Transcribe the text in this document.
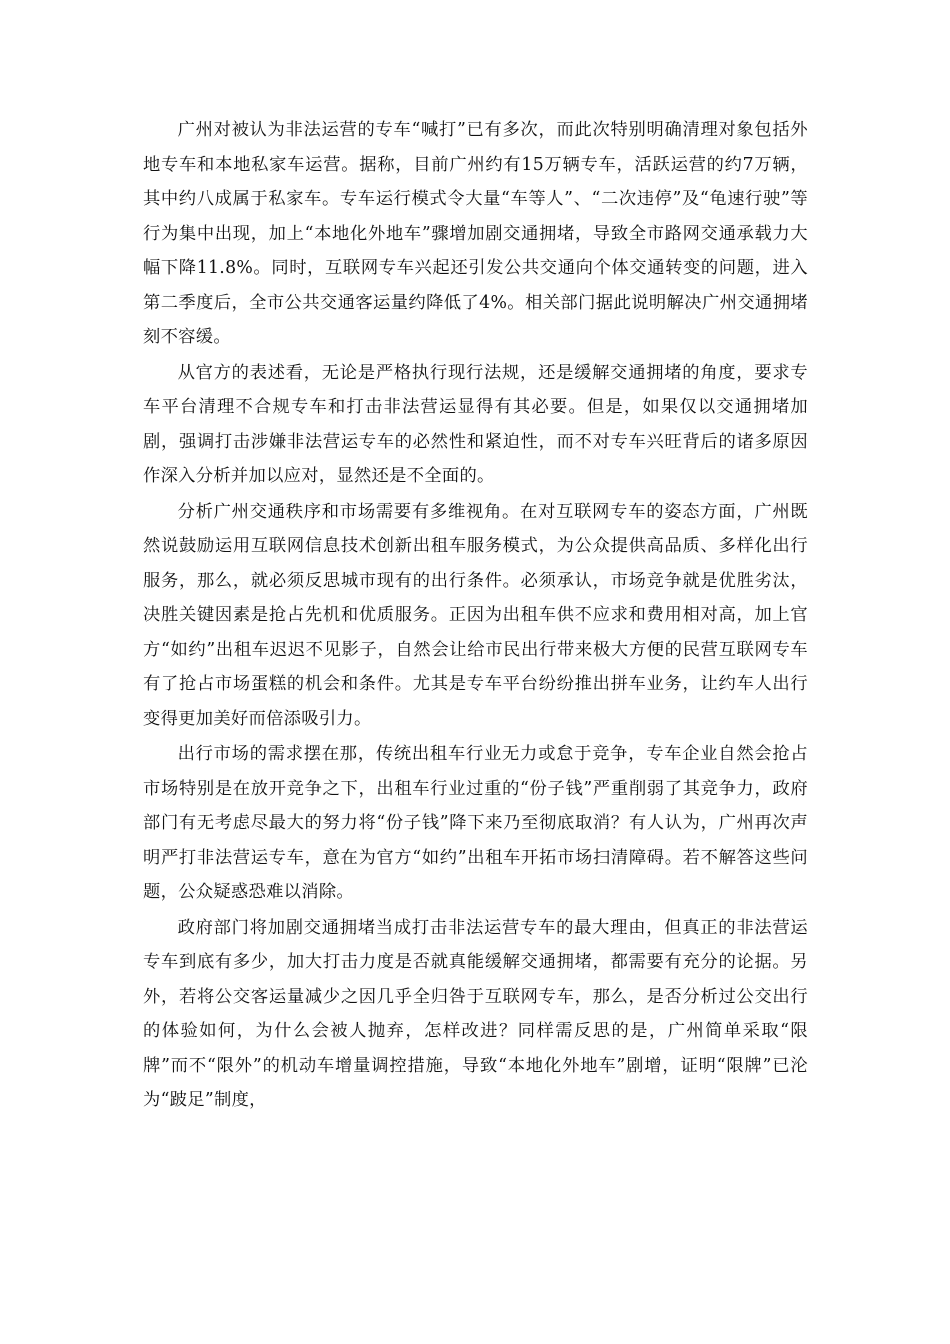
广州对被认为非法运营的专车“喊打”已有多次，而此次特别明确清理对象包括外地专车和本地私家车运营。据称，目前广州约有15万辆专车，活跃运营的约7万辆，其中约八成属于私家车。专车运行模式令大量“车等人”、“二次违停”及“龟速行驶”等行为集中出现，加上“本地化外地车”骤增加剧交通拥堵，导致全市路网交通承载力大幅下降11.8%。同时，互联网专车兴起还引发公共交通向个体交通转变的问题，进入第二季度后，全市公共交通客运量约降低了4%。相关部门据此说明解决广州交通拥堵刻不容缓。

从官方的表述看，无论是严格执行现行法规，还是缓解交通拥堵的角度，要求专车平台清理不合规专车和打击非法营运显得有其必要。但是，如果仅以交通拥堵加剧，强调打击涉嫌非法营运专车的必然性和紧迫性，而不对专车兴旺背后的诸多原因作深入分析并加以应对，显然还是不全面的。

分析广州交通秩序和市场需要有多维视角。在对互联网专车的姿态方面，广州既然说鼓励运用互联网信息技术创新出租车服务模式，为公众提供高品质、多样化出行服务，那么，就必须反思城市现有的出行条件。必须承认，市场竞争就是优胜劣汰，决胜关键因素是抢占先机和优质服务。正因为出租车供不应求和费用相对高，加上官方“如约”出租车迟迟不见影子，自然会让给市民出行带来极大方便的民营互联网专车有了抢占市场蛋糕的机会和条件。尤其是专车平台纷纷推出拼车业务，让约车人出行变得更加美好而倍添吸引力。

出行市场的需求摆在那，传统出租车行业无力或怠于竞争，专车企业自然会抢占市场特别是在放开竞争之下，出租车行业过重的“份子钱”严重削弱了其竞争力，政府部门有无考虑尽最大的努力将“份子钱”降下来乃至彻底取消？有人认为，广州再次声明严打非法营运专车，意在为官方“如约”出租车开拓市场扫清障碍。若不解答这些问题，公众疑惑恐难以消除。

政府部门将加剧交通拥堵当成打击非法运营专车的最大理由，但真正的非法营运专车到底有多少，加大打击力度是否就真能缓解交通拥堵，都需要有充分的论据。另外，若将公交客运量减少之因几乎全归咎于互联网专车，那么，是否分析过公交出行的体验如何，为什么会被人抛弃，怎样改进？同样需反思的是，广州简单采取“限牌”而不“限外”的机动车增量调控措施，导致“本地化外地车”剧增，证明“限牌”已沦为“跛足”制度，
